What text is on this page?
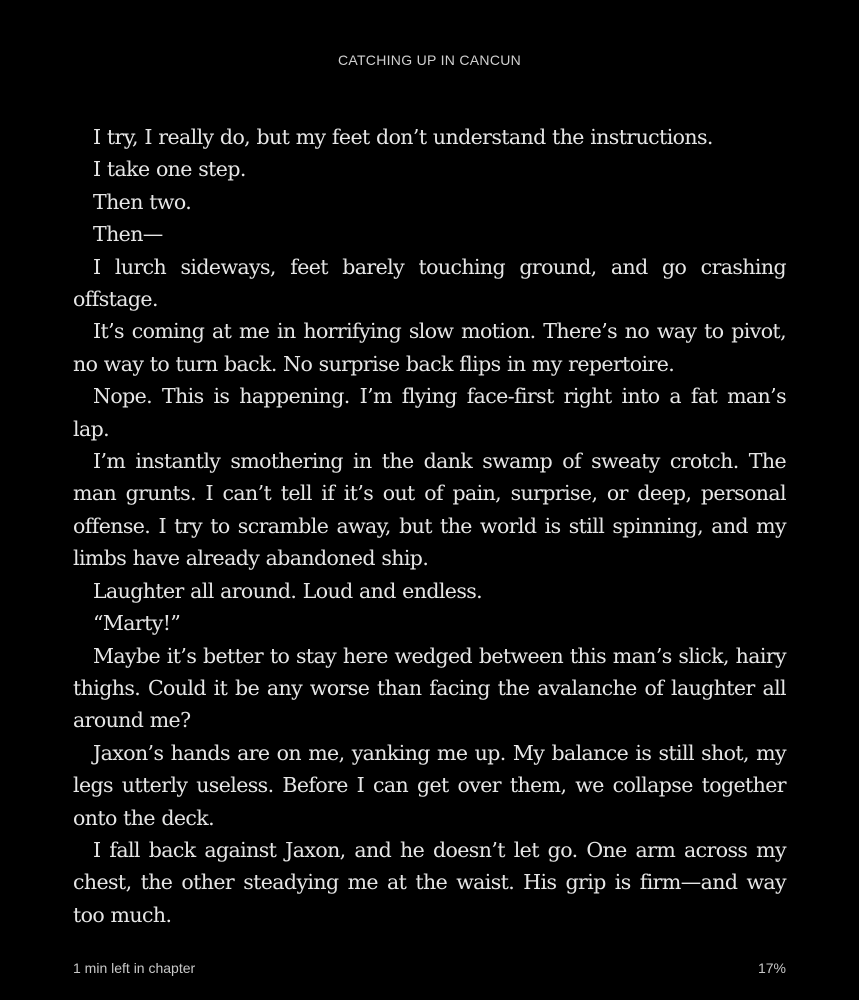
CATCHING UP IN CANCUN

I try, I really do, but my feet don’t understand the instructions.

I take one step.

Then two.

Then—

I lurch sideways, feet barely touching ground, and go crashing offstage.

It’s coming at me in horrifying slow motion. There’s no way to pivot, no way to turn back. No surprise back flips in my repertoire.

Nope. This is happening. I’m flying face-first right into a fat man’s lap.

I’m instantly smothering in the dank swamp of sweaty crotch. The man grunts. I can’t tell if it’s out of pain, surprise, or deep, personal offense. I try to scramble away, but the world is still spinning, and my limbs have already abandoned ship.

Laughter all around. Loud and endless.

“Marty!”

Maybe it’s better to stay here wedged between this man’s slick, hairy thighs. Could it be any worse than facing the avalanche of laughter all around me?

Jaxon’s hands are on me, yanking me up. My balance is still shot, my legs utterly useless. Before I can get over them, we collapse together onto the deck.

I fall back against Jaxon, and he doesn’t let go. One arm across my chest, the other steadying me at the waist. His grip is firm—and way too much.

1 min left in chapter	17%
